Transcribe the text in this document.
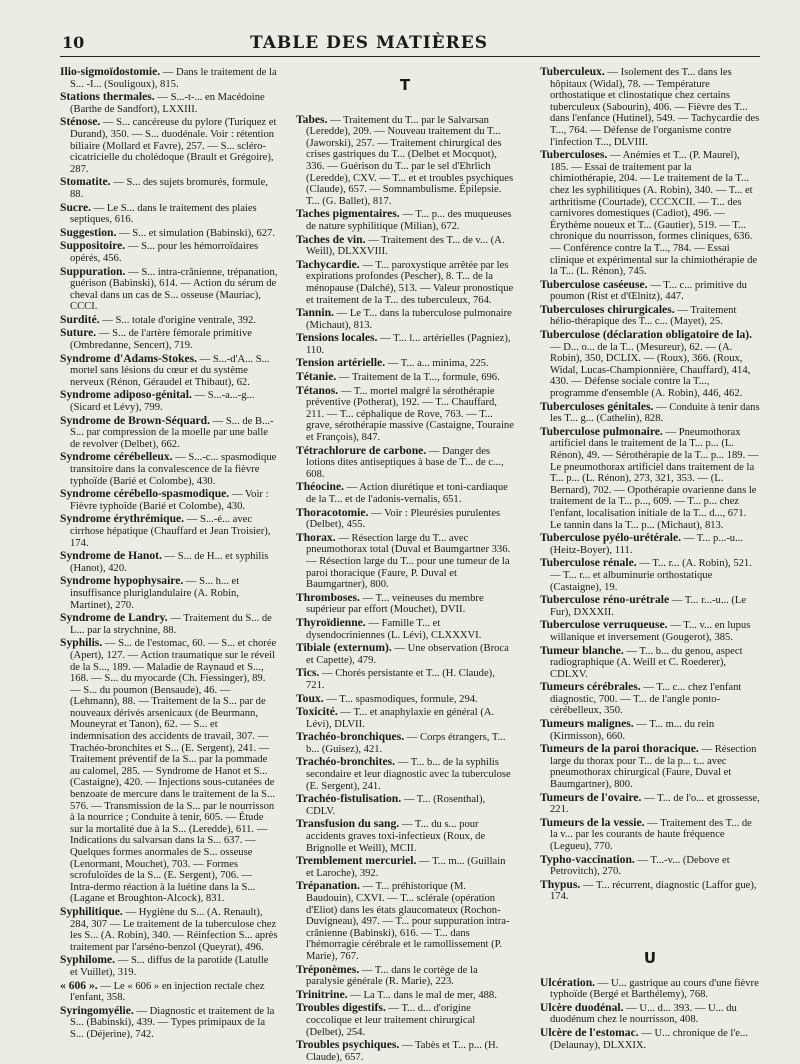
10	TABLE DES MATIÈRES

Ilio-sigmoïdostomie. — Dans le traitement de la S... -I... (Souligoux), 815.

Stations thermales. — S...-t-... en Macédoine (Barthe de Sandfort), LXXIII.

Sténose. — S... cancéreuse du pylore (Turiquez et Durand), 350. — S... duodénale. Voir : rétention biliaire (Mollard et Favre), 257. — S... scléro-cicatricielle du cholédoque (Brault et Grégoire), 287.

Stomatite. — S... des sujets bromurés, formule, 88.

Sucre. — Le S... dans le traitement des plaies septiques, 616.

Suggestion. — S... et simulation (Babinski), 627.

Suppositoire. — S... pour les hémorroïdaires opérés, 456.

Suppuration. — S... intra-crânienne, trépanation, guérison (Babinski), 614. — Action du sérum de cheval dans un cas de S... osseuse (Mauriac), CCCI.

Surdité. — S... totale d'origine ventrale, 392.

Suture. — S... de l'artère fémorale primitive (Ombredanne, Sencert), 719.

Syndrome d'Adams-Stokes. — S...-d'A... S... mortel sans lésions du cœur et du système nerveux (Rénon, Géraudel et Thibaut), 62.

Syndrome adiposo-génital. — S...-a...-g... (Sicard et Lévy), 799.

Syndrome de Brown-Séquard. — S... de B...-S... par compression de la moelle par une balle de revolver (Delbet), 662.

Syndrome cérébelleux. — S...-c... spasmodique transitoire dans la convalescence de la fièvre typhoïde (Barié et Colombe), 430.

Syndrome cérébello-spasmodique. — Voir : Fièvre typhoïde (Barié et Colombe), 430.

Syndrome érythrémique. — S...-é... avec cirrhose hépatique (Chauffard et Jean Troisier), 174.

Syndrome de Hanot. — S... de H... et syphilis (Hanot), 420.

Syndrome hypophysaire. — S... h... et insuffisance pluriglandulaire (A. Robin, Martinet), 270.

Syndrome de Landry. — Traitement du S... de L... par la strychnine, 88.

Syphilis. — S... de l'estomac, 60. — S... et chorée (Apert), 127. — Action traumatique sur le réveil de la S..., 189. — Maladie de Raynaud et S..., 168. — S... du myocarde (Ch. Fiessinger), 89. — S... du poumon (Bensaude), 46. — (Lehmann), 88. — Traitement de la S... par de nouveaux dérivés arsenicaux (de Beurmann, Mouneyrat et Tanon), 62. — S... et indemnisation des accidents de travail, 307. — Trachéo-bronchites et S... (E. Sergent), 241. — Traitement préventif de la S... par la pommade au calomel, 285. — Syndrome de Hanot et S... (Castaigne), 420. — Injections sous-cutanées de benzoate de mercure dans le traitement de la S... 576. — Transmission de la S... par le nourrisson à la nourrice ; Conduite à tenir, 605. — Étude sur la mortalité due à la S... (Leredde), 611. — Indications du salvarsan dans la S... 637. — Quelques formes anormales de S... osseuse (Lenormant, Mouchet), 703. — Formes scrofuloïdes de la S... (E. Sergent), 706. — Intra-dermo réaction à la luétine dans la S... (Lagane et Broughton-Alcock), 831.

Syphilitique. — Hygiène du S... (A. Renault), 284, 307 — Le traitement de la tuberculose chez les S... (A. Robin), 340. — Réinfection S... après traitement par l'arséno-benzol (Queyrat), 496.

Syphilome. — S... diffus de la parotide (Latulle et Vuillet), 319.

« 606 ». — Le « 606 » en injection rectale chez l'enfant, 358.

Syringomyélie. — Diagnostic et traitement de la S... (Babinski), 439. — Types primipaux de la S... (Déjerine), 742.

T

Tabes. — Traitement du T... par le Salvarsan (Leredde), 209. — Nouveau traitement du T... (Jaworski), 257. — Traitement chirurgical des crises gastriques du T... (Delbet et Mocquot), 336. — Guérison du T... par le sel d'Ehrlich (Leredde), CXV. — T... et et troubles psychiques (Claude), 657. — Somnambulisme. Épilepsie. T... (G. Ballet), 817.

Taches pigmentaires. — T... p... des muqueuses de nature syphilitique (Milian), 672.

Taches de vin. — Traitement des T... de v... (A. Weill), DLXXVIII.

Tachycardie. — T... paroxystique arrêtée par les expirations profondes (Pescher), 8. T... de la ménopause (Dalché), 513. — Valeur pronostique et traitement de la T... des tuberculeux, 764.

Tannin. — Le T... dans la tuberculose pulmonaire (Michaut), 813.

Tensions locales. — T... l... artérielles (Pagniez), 110.

Tension artérielle. — T... a... minima, 225.

Tétanie. — Traitement de la T..., formule, 696.

Tétanos. — T... mortel malgré la sérothérapie préventive (Potherat), 192. — T... Chauffard, 211. — T... céphalique de Rove, 763. — T... grave, sérothérapie massive (Castaigne, Touraine et François), 847.

Tétrachlorure de carbone. — Danger des lotions dites antiseptiques à base de T... de c..., 608.

Théocine. — Action diurétique et toni-cardiaque de la T... et de l'adonis-vernalis, 651.

Thoracotomie. — Voir : Pleurésies purulentes (Delbet), 455.

Thorax. — Résection large du T... avec pneumothorax total (Duval et Baumgartner 336. — Résection large du T... pour une tumeur de la paroi thoracique (Faure, P. Duval et Baumgartner), 800.

Thromboses. — T... veineuses du membre supérieur par effort (Mouchet), DVII.

Thyroïdienne. — Famille T... et dysendocriniennes (L. Lévi), CLXXXVI.

Tibiale (externum). — Une observation (Broca et Capette), 479.

Tics. — Chorés persistante et T... (H. Claude), 721.

Toux. — T... spasmodiques, formule, 294.

Toxicité. — T... et anaphylaxie en général (A. Lévi), DLVII.

Trachéo-bronchiques. — Corps étrangers, T... b... (Guisez), 421.

Trachéo-bronchites. — T... b... de la syphilis secondaire et leur diagnostic avec la tuberculose (E. Sergent), 241.

Trachéo-fistulisation. — T... (Rosenthal), CDLV.

Transfusion du sang. — T... du s... pour accidents graves toxi-infectieux (Roux, de Brignolle et Weill), MCII.

Tremblement mercuriel. — T... m... (Guillain et Laroche), 392.

Trépanation. — T... préhistorique (M. Baudouin), CXVI. — T... sclérale (opération d'Eliot) dans les états glaucomateux (Rochon-Duvigneau), 497. — T... pour suppuration intra-crânienne (Babinski), 616. — T... dans l'hémorragie cérébrale et le ramollissement (P. Marie), 767.

Tréponèmes. — T... dans le cortège de la paralysie générale (R. Marie), 223.

Trinitrine. — La T... dans le mal de mer, 488.

Troubles digestifs. — T... d... d'origine coccolique et leur traitement chirurgical (Delbet), 254.

Troubles psychiques. — Tabès et T... p... (H. Claude), 657.

Tuberculeux. — Isolement des T... dans les hôpitaux (Widal), 78. — Température orthostatique et clinostatique chez certains tuberculeux (Sabourin), 406. — Fièvre des T... dans l'enfance (Hutinel), 549. — Tachycardie des T..., 764. — Défense de l'organisme contre l'infection T..., DLVIII.

Tuberculoses. — Anémies et T... (P. Maurel), 185. — Essai de traitement par la chimiothérapie, 204. — Le traitement de la T... chez les syphilitiques (A. Robin), 340. — T... et arthritisme (Courtade), CCCXCII. — T... des carnivores domestiques (Cadiot), 496. — Érythème noueux et T... (Gautier), 519. — T... chronique du nourrisson, formes cliniques, 636. — Conférence contre la T..., 784. — Essai clinique et expérimental sur la chimiothérapie de la T... (L. Rénon), 745.

Tuberculose caséeuse. — T... c... primitive du poumon (Rist et d'Œlnitz), 447.

Tuberculoses chirurgicales. — Traitement hélio-thérapique des T... c... (Mayet), 25.

Tuberculose (déclaration obligatoire de la). — D... o... de la T... (Mesureur), 62. — (A. Robin), 350, DCLIX. — (Roux), 366. (Roux, Widal, Lucas-Championnière, Chauffard), 414, 430. — Défense sociale contre la T..., programme d'ensemble (A. Robin), 446, 462.

Tuberculoses génitales. — Conduite à tenir dans les T... g... (Cathelin), 828.

Tuberculose pulmonaire. — Pneumothorax artificiel dans le traitement de la T... p... (L. Rénon), 49. — Sérothérapie de la T... p... 189. — Le pneumothorax artificiel dans traitement de la T... p... (L. Rénon), 273, 321, 353. — (L. Bernard), 702. — Opothérapie ovarienne dans le traitement de la T... p..., 609. — T... p... chez l'enfant, localisation initiale de la T... d..., 671. Le tannin dans la T... p... (Michaut), 813.

Tuberculose pyélo-urétérale. — T... p...-u... (Heitz-Boyer), 111.

Tuberculose rénale. — T... r... (A. Robin), 521. — T... r... et albuminurie orthostatique (Castaigne), 19.

Tuberculose réno-urétrale — T... r...-u... (Le Fur), DXXXII.

Tuberculose verruqueuse. — T... v... en lupus willanique et inversement (Gougerot), 385.

Tumeur blanche. — T... b... du genou, aspect radiographique (A. Weill et C. Roederer), CDLXV.

Tumeurs cérébrales. — T... c... chez l'enfant diagnostic, 700. — T... de l'angle ponto-cérébelleux, 350.

Tumeurs malignes. — T... m... du rein (Kirmisson), 660.

Tumeurs de la paroi thoracique. — Résection large du thorax pour T... de la p... t... avec pneumothorax chirurgical (Faure, Duval et Baumgartner), 800.

Tumeurs de l'ovaire. — T... de l'o... et grossesse, 221.

Tumeurs de la vessie. — Traitement des T... de la v... par les courants de haute fréquence (Legueu), 770.

Typho-vaccination. — T...-v... (Debove et Petrovitch), 270.

Thypus. — T... récurrent, diagnostic (Laffor gue), 174.

U

Ulcération. — U... gastrique au cours d'une fièvre typhoïde (Bergé et Barthélemy), 768.

Ulcère duodénal. — U... d... 393. — U... du duodénum chez le nourrisson, 408.

Ulcère de l'estomac. — U... chronique de l'e... (Delaunay), DLXXIX.
